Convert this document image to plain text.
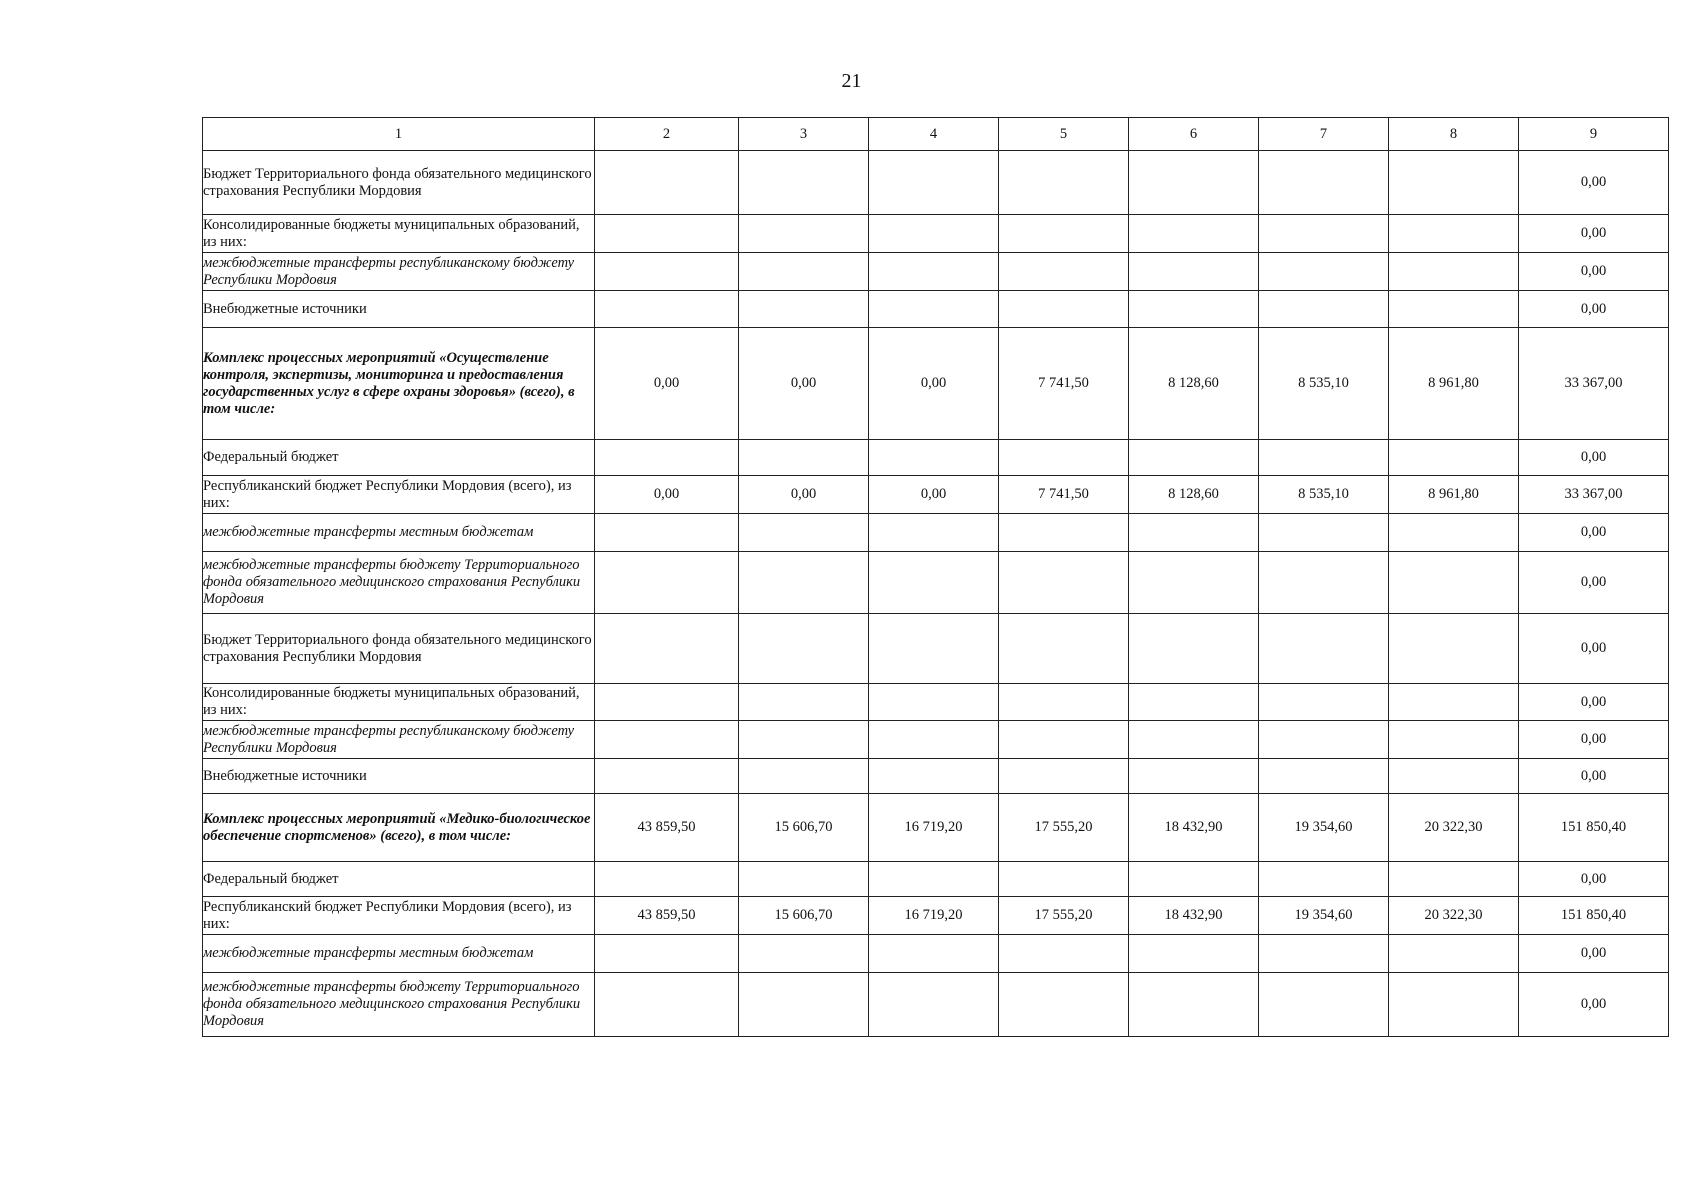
21
1	2	3	4	5	6	7	8	9
Бюджет Территориального фонда обязательного медицинского страхования Республики Мордовия								0,00
Консолидированные бюджеты муниципальных образований, из них:								0,00
межбюджетные трансферты республиканскому бюджету Республики Мордовия								0,00
Внебюджетные источники								0,00
Комплекс процессных мероприятий «Осуществление контроля, экспертизы, мониторинга и предоставления государственных услуг в сфере охраны здоровья» (всего), в том числе:	0,00	0,00	0,00	7 741,50	8 128,60	8 535,10	8 961,80	33 367,00
Федеральный бюджет								0,00
Республиканский бюджет Республики Мордовия (всего), из них:	0,00	0,00	0,00	7 741,50	8 128,60	8 535,10	8 961,80	33 367,00
межбюджетные трансферты местным бюджетам								0,00
межбюджетные трансферты бюджету Территориального фонда обязательного медицинского страхования Республики Мордовия								0,00
Бюджет Территориального фонда обязательного медицинского страхования Республики Мордовия								0,00
Консолидированные бюджеты муниципальных образований, из них:								0,00
межбюджетные трансферты республиканскому бюджету Республики Мордовия								0,00
Внебюджетные источники								0,00
Комплекс процессных мероприятий «Медико-биологическое обеспечение спортсменов» (всего), в том числе:	43 859,50	15 606,70	16 719,20	17 555,20	18 432,90	19 354,60	20 322,30	151 850,40
Федеральный бюджет								0,00
Республиканский бюджет Республики Мордовия (всего), из них:	43 859,50	15 606,70	16 719,20	17 555,20	18 432,90	19 354,60	20 322,30	151 850,40
межбюджетные трансферты местным бюджетам								0,00
межбюджетные трансферты бюджету Территориального фонда обязательного медицинского страхования Республики Мордовия								0,00
